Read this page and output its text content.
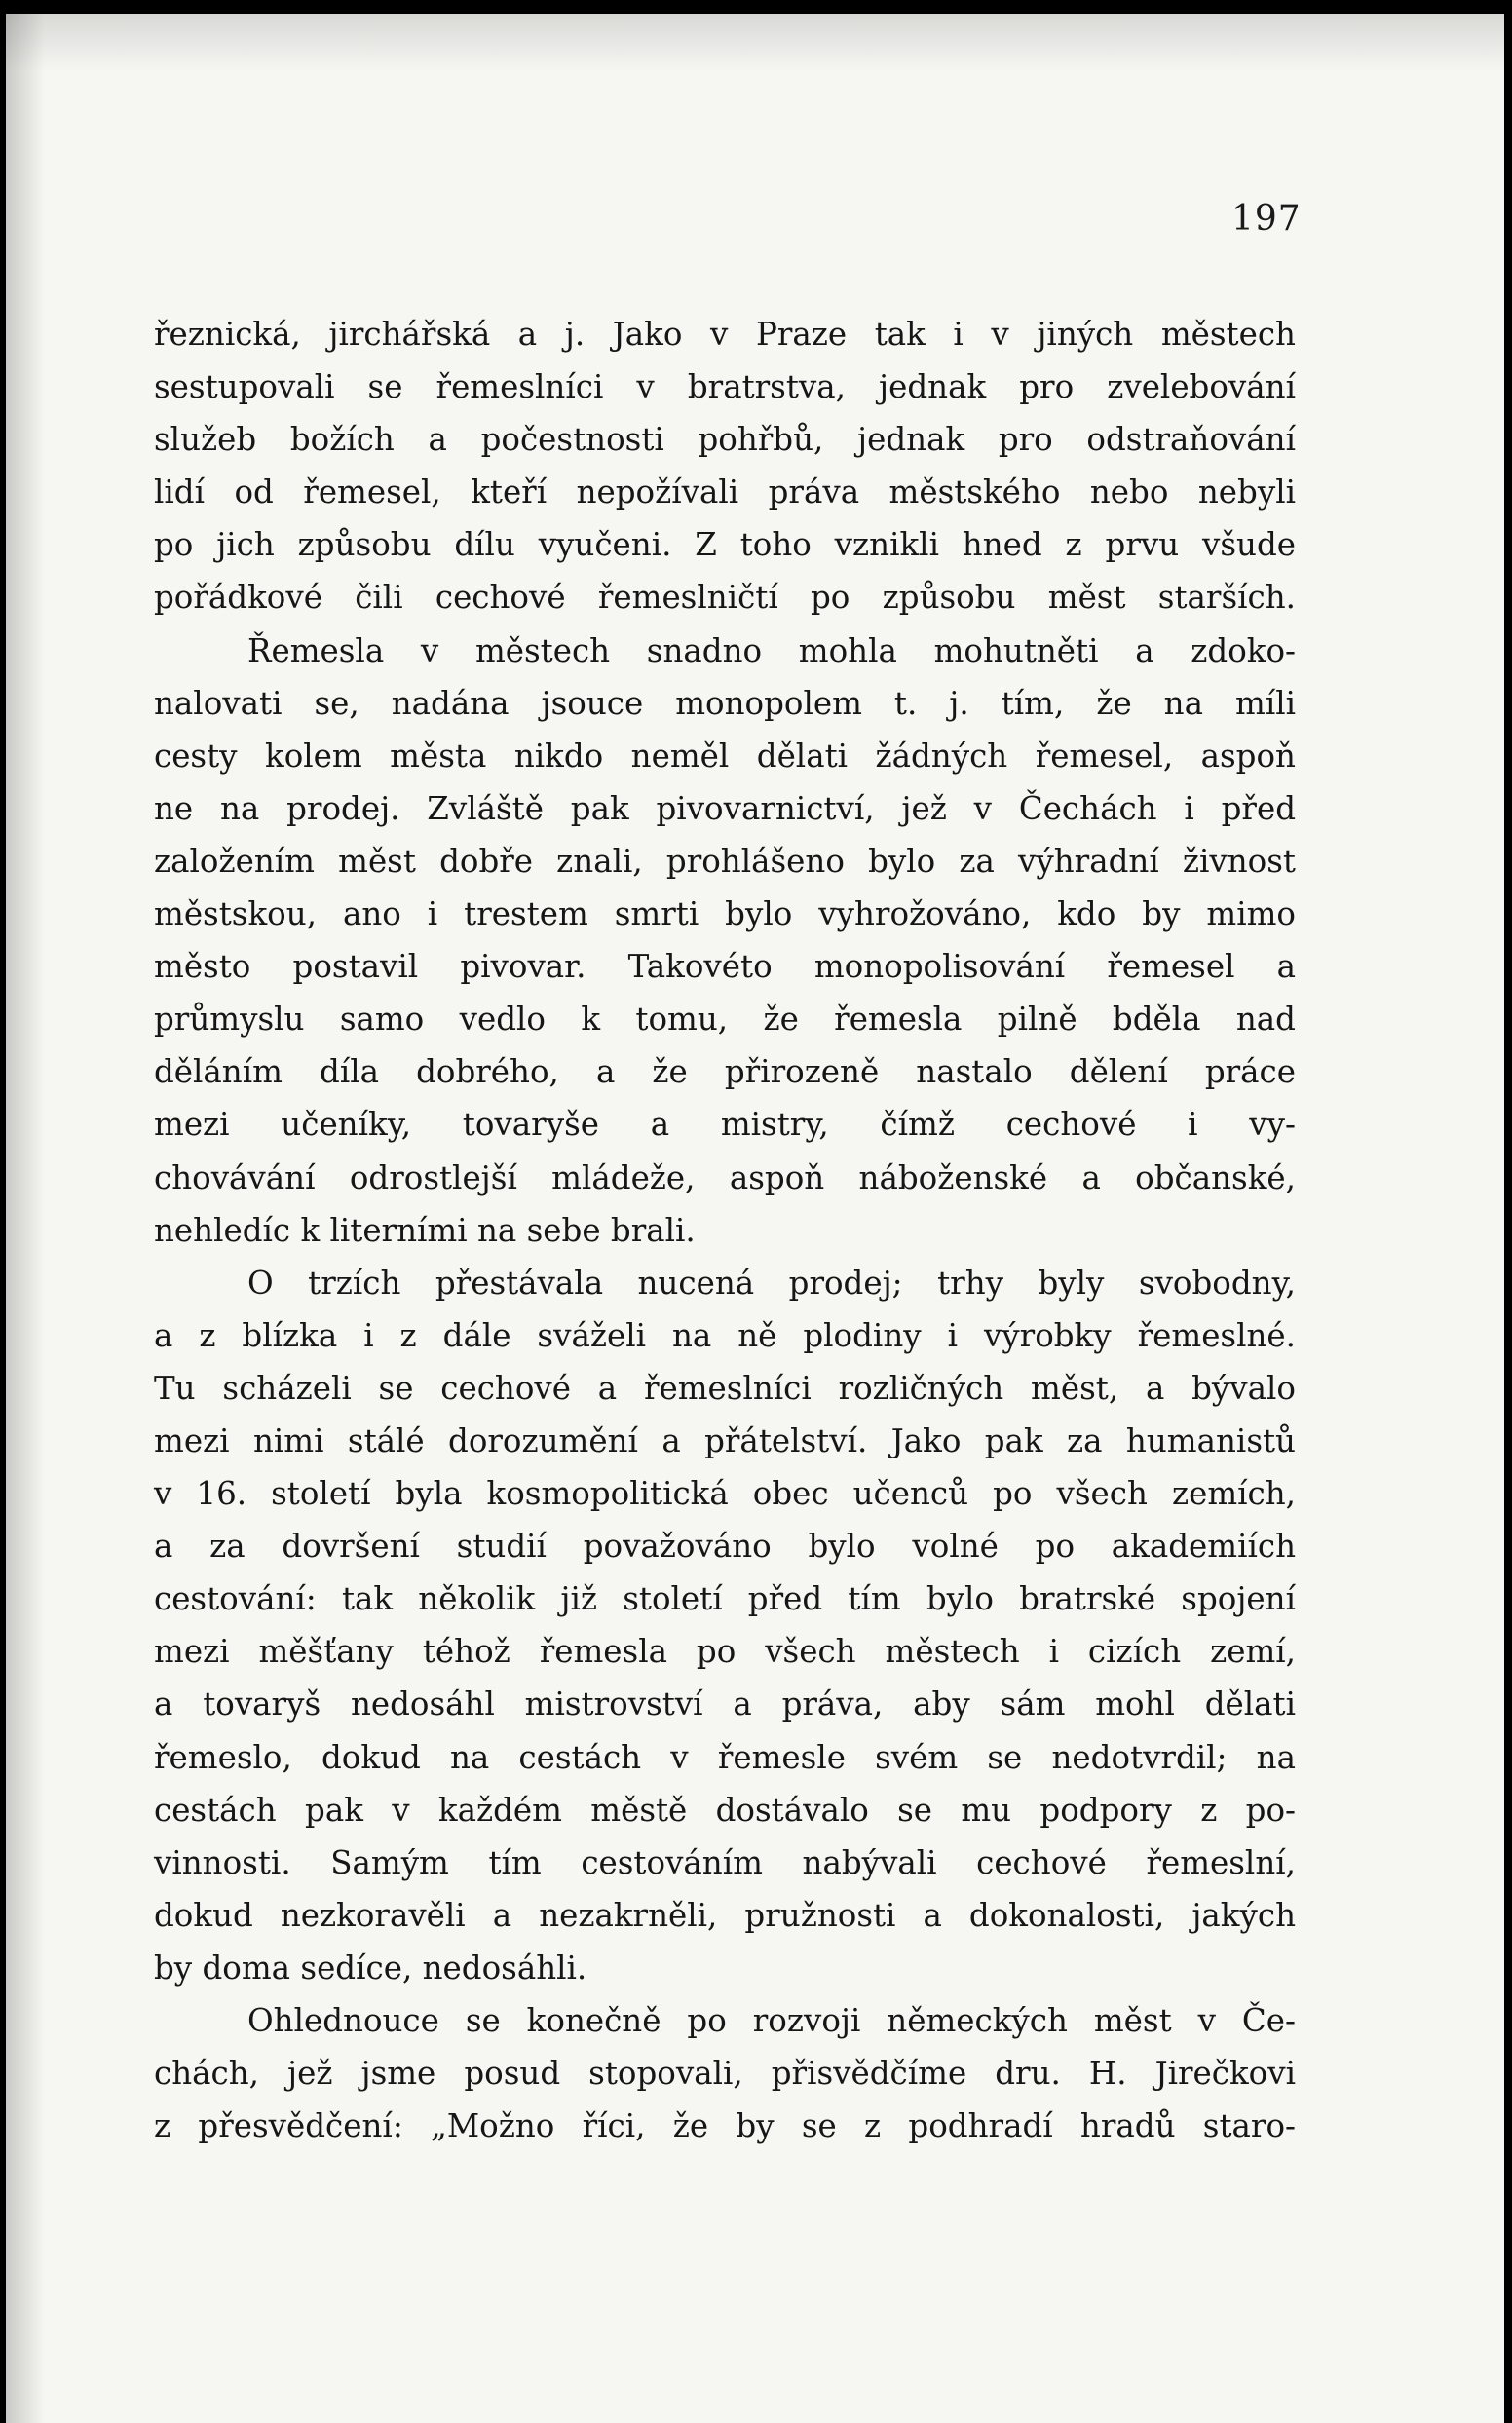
197
řeznická, jirchářská a j. Jako v Praze tak i v jiných městech
sestupovali se řemeslníci v bratrstva, jednak pro zvelebování
služeb božích a počestnosti pohřbů, jednak pro odstraňování
lidí od řemesel, kteří nepožívali práva městského nebo nebyli
po jich způsobu dílu vyučeni. Z toho vznikli hned z prvu všude
pořádkové čili cechové řemeslničtí po způsobu měst starších.
Řemesla v městech snadno mohla mohutněti a zdoko-
nalovati se, nadána jsouce monopolem t. j. tím, že na míli
cesty kolem města nikdo neměl dělati žádných řemesel, aspoň
ne na prodej. Zvláště pak pivovarnictví, jež v Čechách i před
založením měst dobře znali, prohlášeno bylo za výhradní živnost
městskou, ano i trestem smrti bylo vyhrožováno, kdo by mimo
město postavil pivovar. Takovéto monopolisování řemesel a
průmyslu samo vedlo k tomu, že řemesla pilně bděla nad
děláním díla dobrého, a že přirozeně nastalo dělení práce
mezi učeníky, tovaryše a mistry, čímž cechové i vy-
chovávání odrostlejší mládeže, aspoň náboženské a občanské,
nehledíc k literními na sebe brali.
O trzích přestávala nucená prodej; trhy byly svobodny,
a z blízka i z dále sváželi na ně plodiny i výrobky řemeslné.
Tu scházeli se cechové a řemeslníci rozličných měst, a bývalo
mezi nimi stálé dorozumění a přátelství. Jako pak za humanistů
v 16. století byla kosmopolitická obec učenců po všech zemích,
a za dovršení studií považováno bylo volné po akademiích
cestování: tak několik již století před tím bylo bratrské spojení
mezi měšťany téhož řemesla po všech městech i cizích zemí,
a tovaryš nedosáhl mistrovství a práva, aby sám mohl dělati
řemeslo, dokud na cestách v řemesle svém se nedotvrdil; na
cestách pak v každém městě dostávalo se mu podpory z po-
vinnosti. Samým tím cestováním nabývali cechové řemeslní,
dokud nezkoravěli a nezakrněli, pružnosti a dokonalosti, jakých
by doma sedíce, nedosáhli.
Ohlednouce se konečně po rozvoji německých měst v Če-
chách, jež jsme posud stopovali, přisvědčíme dru. H. Jirečkovi
z přesvědčení: „Možno říci, že by se z podhradí hradů staro-
